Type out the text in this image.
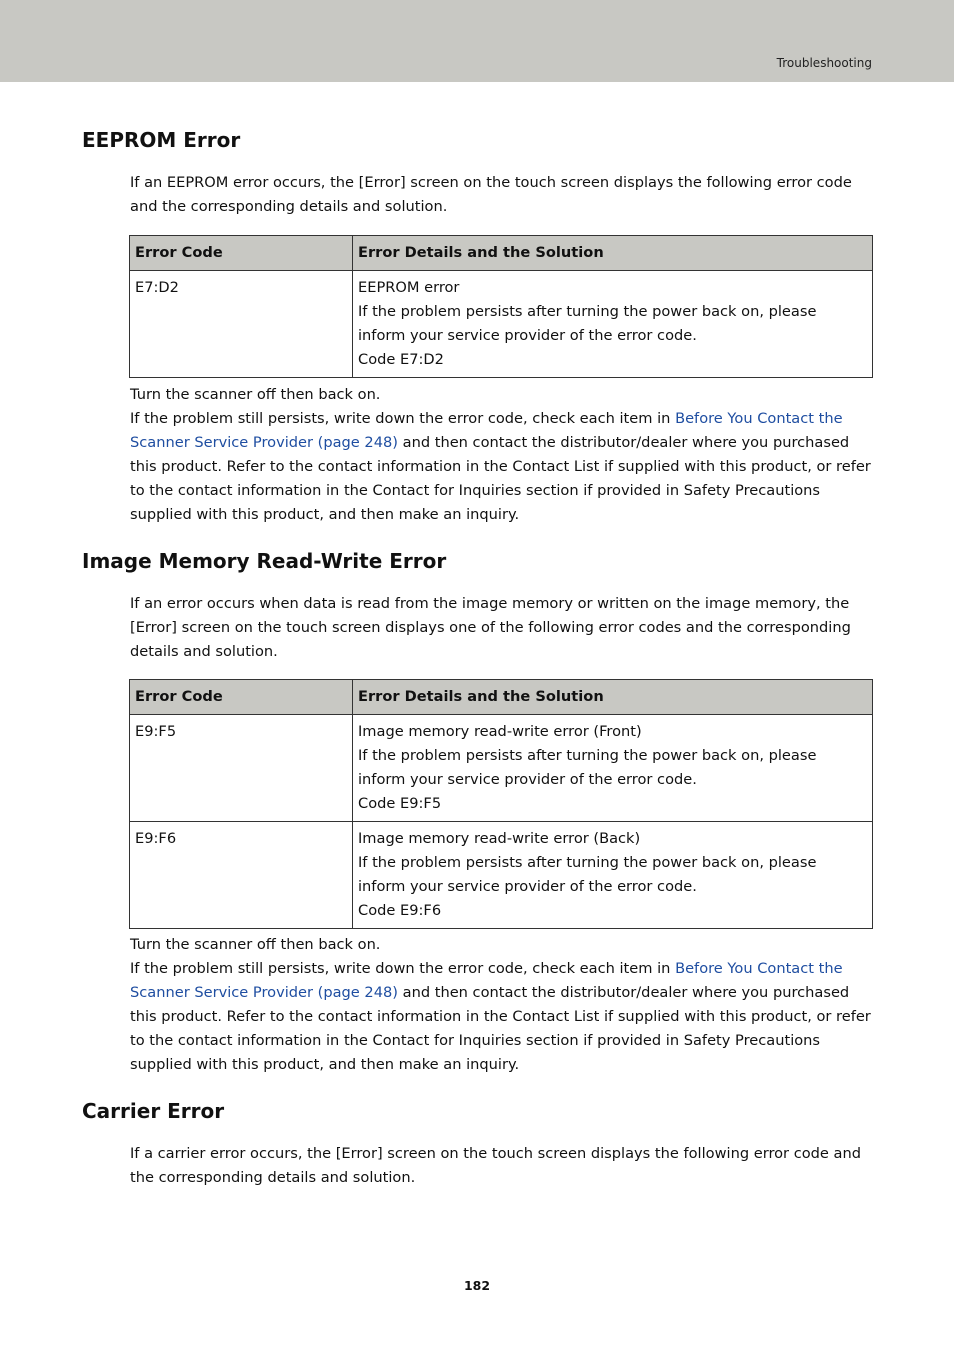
Troubleshooting
EEPROM Error

If an EEPROM error occurs, the [Error] screen on the touch screen displays the following error code and the corresponding details and solution.

Error Code	Error Details and the Solution
E7:D2	EEPROM error
If the problem persists after turning the power back on, please inform your service provider of the error code.
Code E7:D2
Turn the scanner off then back on.
If the problem still persists, write down the error code, check each item in Before You Contact the Scanner Service Provider (page 248) and then contact the distributor/dealer where you purchased this product. Refer to the contact information in the Contact List if supplied with this product, or refer to the contact information in the Contact for Inquiries section if provided in Safety Precautions supplied with this product, and then make an inquiry.
Image Memory Read-Write Error

If an error occurs when data is read from the image memory or written on the image memory, the [Error] screen on the touch screen displays one of the following error codes and the corresponding details and solution.

Error Code	Error Details and the Solution
E9:F5	Image memory read-write error (Front)
If the problem persists after turning the power back on, please inform your service provider of the error code.
Code E9:F5

E9:F6	Image memory read-write error (Back)
If the problem persists after turning the power back on, please inform your service provider of the error code.
Code E9:F6
Turn the scanner off then back on.
If the problem still persists, write down the error code, check each item in Before You Contact the Scanner Service Provider (page 248) and then contact the distributor/dealer where you purchased this product. Refer to the contact information in the Contact List if supplied with this product, or refer to the contact information in the Contact for Inquiries section if provided in Safety Precautions supplied with this product, and then make an inquiry.
Carrier Error

If a carrier error occurs, the [Error] screen on the touch screen displays the following error code and the corresponding details and solution.

182
